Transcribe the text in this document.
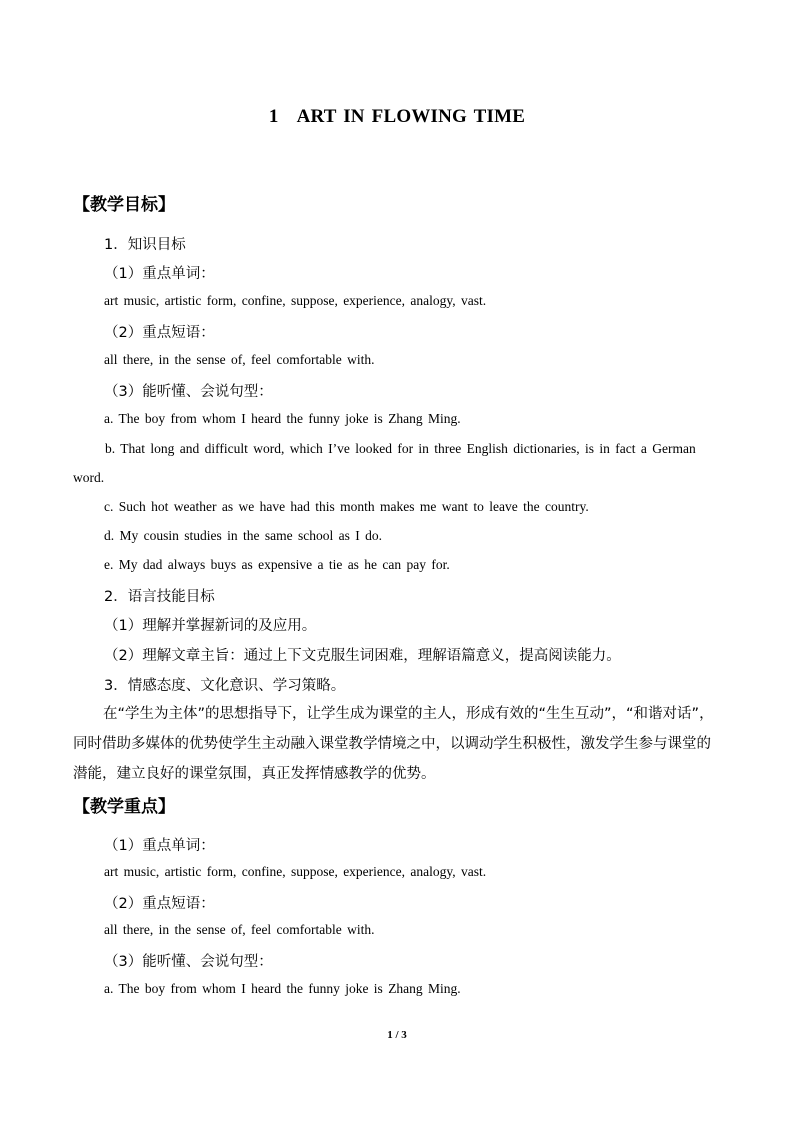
1 ART IN FLOWING TIME
【教学目标】
1．知识目标
（1）重点单词：
art music, artistic form, confine, suppose, experience, analogy, vast.
（2）重点短语：
all there, in the sense of, feel comfortable with.
（3）能听懂、会说句型：
a. The boy from whom I heard the funny joke is Zhang Ming.
b. That long and difficult word, which I’ve looked for in three English dictionaries, is in fact a German word.
c. Such hot weather as we have had this month makes me want to leave the country.
d. My cousin studies in the same school as I do.
e. My dad always buys as expensive a tie as he can pay for.
2．语言技能目标
（1）理解并掌握新词的及应用。
（2）理解文章主旨：通过上下文克服生词困难，理解语篇意义，提高阅读能力。
3．情感态度、文化意识、学习策略。
在“学生为主体”的思想指导下，让学生成为课堂的主人，形成有效的“生生互动”，“和谐对话”，同时借助多媒体的优势使学生主动融入课堂教学情境之中，以调动学生积极性，激发学生参与课堂的潜能，建立良好的课堂氛围，真正发挥情感教学的优势。
【教学重点】
（1）重点单词：
art music, artistic form, confine, suppose, experience, analogy, vast.
（2）重点短语：
all there, in the sense of, feel comfortable with.
（3）能听懂、会说句型：
a. The boy from whom I heard the funny joke is Zhang Ming.
1 / 3
